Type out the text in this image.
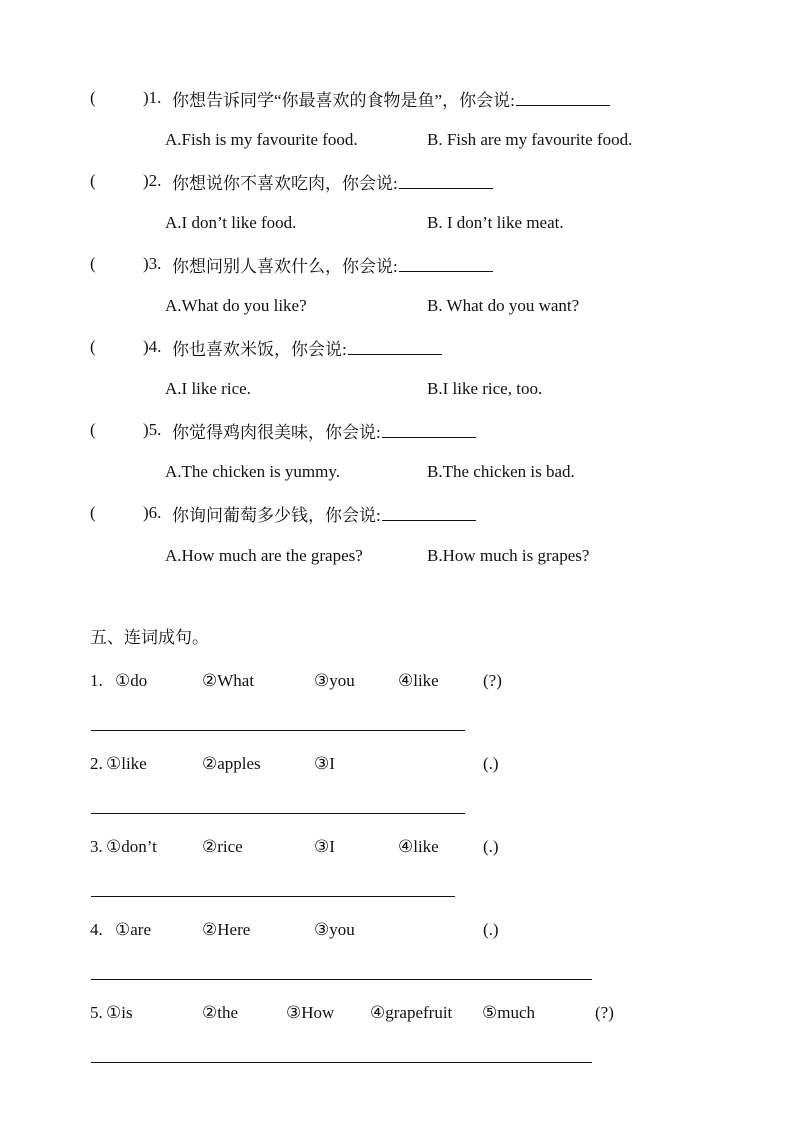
(	)1. 你想告诉同学“你最喜欢的食物是鱼”，你会说:
A.Fish is my favourite food.	B. Fish are my favourite food.
(	)2. 你想说你不喜欢吃肉，你会说:
A.I don’t like food.	B. I don’t like meat.
(	)3. 你想问别人喜欢什么，你会说:
A.What do you like?	B. What do you want?
(	)4. 你也喜欢米饭，你会说:
A.I like rice.	B.I like rice, too.
(	)5. 你觉得鸡肉很美味，你会说:
A.The chicken is yummy.	B.The chicken is bad.
(	)6. 你询问葡萄多少钱，你会说:
A.How much are the grapes?	B.How much is grapes?
五、连词成句。
1. ①do	②What	③you	④like	(?)
2. ①like	②apples	③I	(.)
3. ①don’t	②rice	③I	④like	(.)
4. ①are	②Here	③you	(.)
5. ①is	②the	③How ④grapefruit ⑤much	(?)
